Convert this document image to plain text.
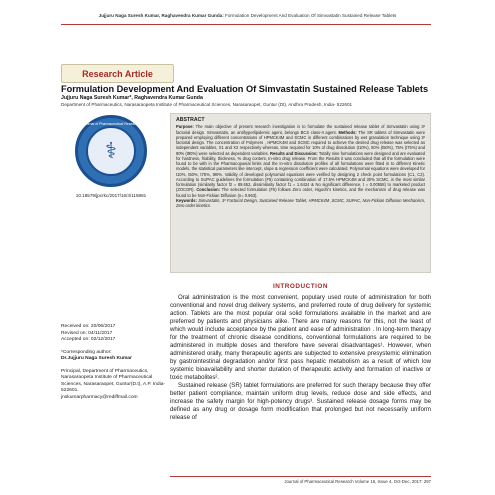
Jujjuru Naga Suresh Kumar, Raghavendra Kumar Gunda: Formulation Development And Evaluation Of Simvastatin Sustained Release Tablets
Research Article
Formulation Development And Evaluation Of Simvastatin Sustained Release Tablets
Jujjuru Naga Suresh Kumar*, Raghavendra Kumar Gunda
Department of Pharmaceutics, Narasaraopeta Institute of Pharmaceutical Sciences, Narasaraopet, Guntur (Dt), Andhra Pradesh, India- 522601
Journal of Pharmaceutical Research
⚕
10.18579/jpcrkc/2017/16/4/115881
ABSTRACT
Purpose: The main objective of present research investigation is to formulate the sustained release tablet of Simvastatin using 3² factorial design. Simvastatin, an antihyperlipidemic agent, belongs BCS class-II agent. Methods: The SR tablets of Simvastatin were prepared employing different concentrations of HPMCK4M and SCMC in different combinations by wet granulation technique using 3² factorial design. The concentration of Polymers , HPMCK4M and SCMC required to achieve the desired drug release was selected as independent variables, X1 and X2 respectively whereas, time required for 10% of drug dissolution (t10%), 50% (t50%), 75% (t75%) and 90% (t90%) were selected as dependent variables. Results and Discussion: Totally nine formulations were designed and are evaluated for hardness, friability, thickness, % drug content, In-vitro drug release. From the Results it was concluded that all the formulation were found to be with in the Pharmacopoeial limits and the In-vitro dissolution profiles of all formulations were fitted in to different Kinetic models, the statistical parameters like intercept, slope & regression coefficient were calculated. Polynomial equations were developed for t10%, t50%, t75%, t90%. Validity of developed polynomial equations were verified by designing 2 check point formulations (C1, C2). According to SUPAC guidelines the formulation (F5) containing combination of 17.5% HPMCK4M and 30% SCMC, is the most similar formulation (similarity factor f2 = 89.652, dissimilarity factor f1 = 1.6424 & No significant difference, t = 0.00558) to marketed product (ZOCOR). Conclusion: The selected formulation (F5) follows Zero order, Higuchi's kinetics, and the mechanism of drug release was found to be Non-Fickian Diffusion (n= 0.963).
Keywords: Simvastatin, 3² Factorial Design, Sustained Release Tablet, HPMCK4M ,SCMC, SUPAC, Non-Fickian Diffusion Mechanism, Zero order kinetics.
INTRODUCTION

Oral administration is the most convenient, populary used route of administration for both conventional and novel drug delivery systems, and preferred route of drug delivery for systemic action. Tablets are the most popular oral solid formulations available in the market and are preferred by patients and physicians alike. There are many reasons for this, not the least of which would include acceptance by the patient and ease of administration . In long-term therapy for the treatment of chronic disease conditions, conventional formulations are required to be administered in multiple doses and therefore have several disadvantages¹. However, when administered orally, many therapeutic agents are subjected to extensive presystemic elimination by gastrointestinal degradation and/or first pass hepatic metabolism as a result of which low systemic bioavailability and shorter duration of therapeutic activity and formation of inactive or toxic metabolites².

Sustained release (SR) tablet formulations are preferred for such therapy because they offer better patient compliance, maintain uniform drug levels, reduce dose and side effects, and increase the safety margin for high-potency drugs³. Sustained release dosage forms may be defined as any drug or dosage form modification that prolonged but not necessarily uniform release of

Received on: 20/06/2017
Revised on: 04/11/2017
Accepted on: 02/12/2017
*Corresponding author:
Dr.Jujjuru Naga Suresh Kumar
Principal, Department of Pharmaceutics, Narasaraopeta Institute of Pharmaceutical Sciences, Narasaraopet, Guntur(D.t), A.P. India-522601.
jnskumarpharmacy@rediffmail.com
Journal of Pharmaceutical Research Volume 16, Issue 4, Oct-Dec, 2017: 297
